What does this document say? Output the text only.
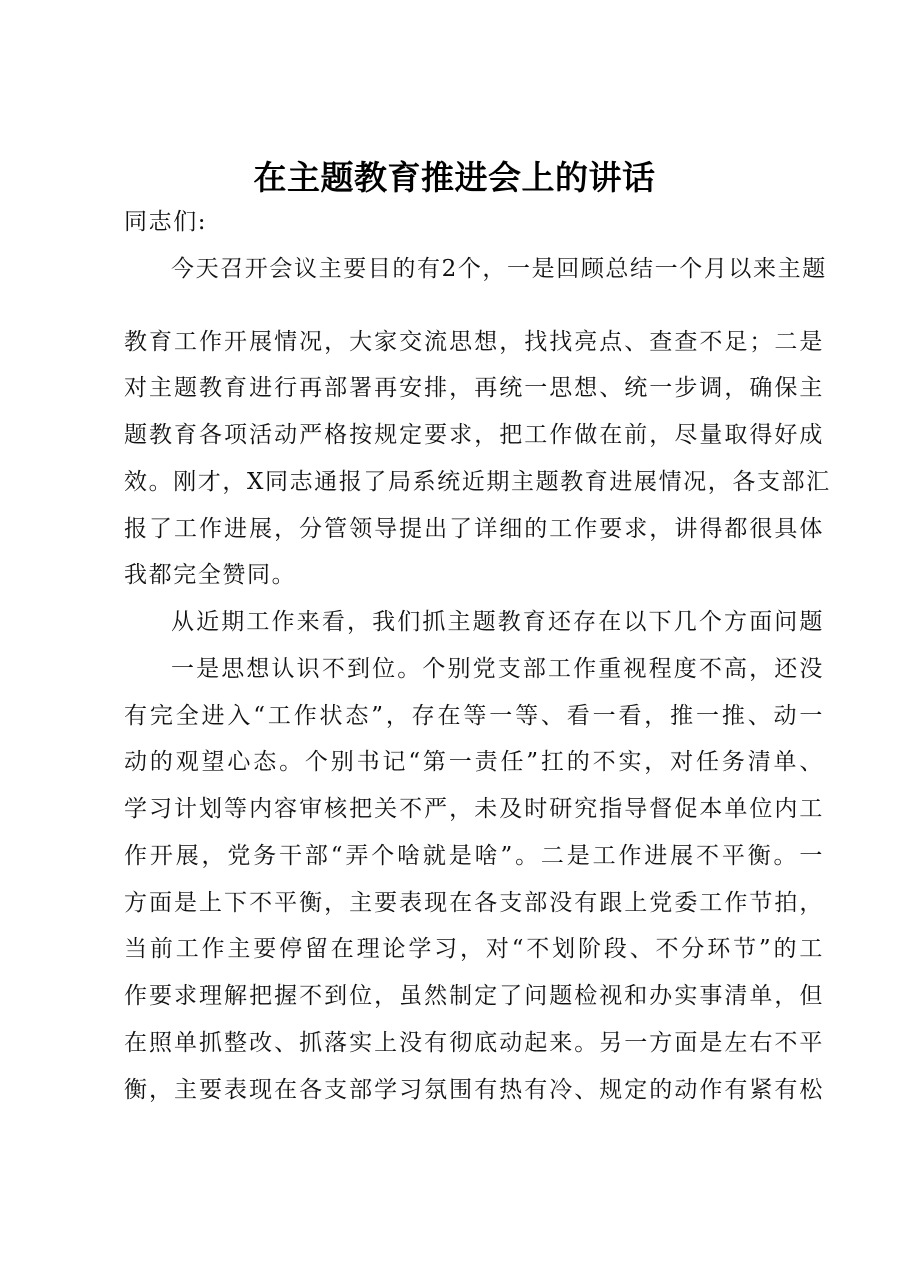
在主题教育推进会上的讲话
同志们:
今天召开会议主要目的有2个，一是回顾总结一个月以来主题
教育工作开展情况，大家交流思想，找找亮点、查查不足；二是
对主题教育进行再部署再安排，再统一思想、统一步调，确保主
题教育各项活动严格按规定要求，把工作做在前，尽量取得好成
效。刚才，X同志通报了局系统近期主题教育进展情况，各支部汇
报了工作进展，分管领导提出了详细的工作要求，讲得都很具体
我都完全赞同。
从近期工作来看，我们抓主题教育还存在以下几个方面问题
一是思想认识不到位。个别党支部工作重视程度不高，还没
有完全进入“工作状态”，存在等一等、看一看，推一推、动一
动的观望心态。个别书记“第一责任”扛的不实，对任务清单、
学习计划等内容审核把关不严，未及时研究指导督促本单位内工
作开展，党务干部“弄个啥就是啥”。二是工作进展不平衡。一
方面是上下不平衡，主要表现在各支部没有跟上党委工作节拍，
当前工作主要停留在理论学习，对“不划阶段、不分环节”的工
作要求理解把握不到位，虽然制定了问题检视和办实事清单，但
在照单抓整改、抓落实上没有彻底动起来。另一方面是左右不平
衡，主要表现在各支部学习氛围有热有冷、规定的动作有紧有松
